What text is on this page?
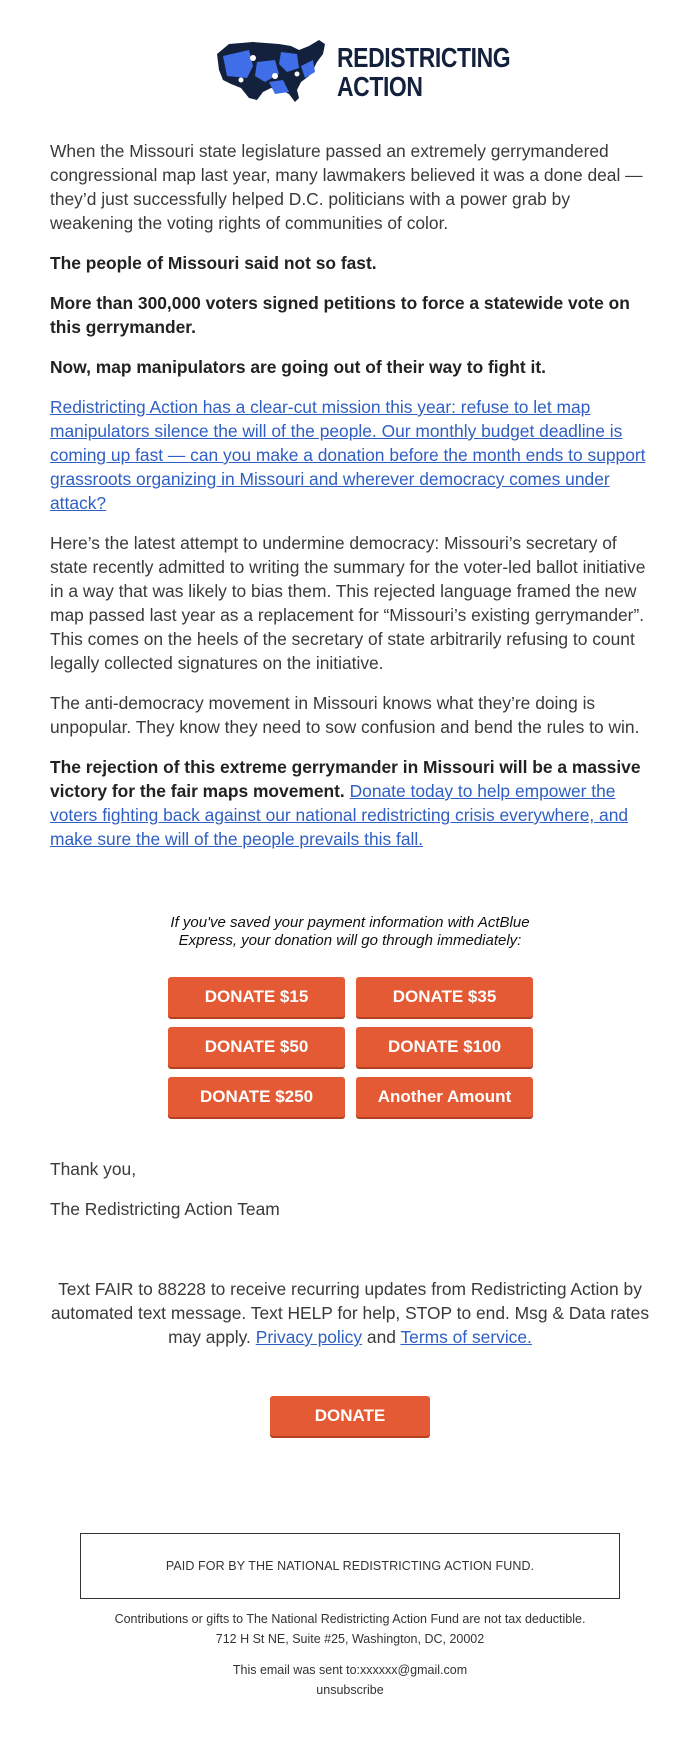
REDISTRICTING
ACTION

When the Missouri state legislature passed an extremely gerrymandered congressional map last year, many lawmakers believed it was a done deal — they’d just successfully helped D.C. politicians with a power grab by weakening the voting rights of communities of color.

The people of Missouri said not so fast.

More than 300,000 voters signed petitions to force a statewide vote on this gerrymander.

Now, map manipulators are going out of their way to fight it.

Redistricting Action has a clear-cut mission this year: refuse to let map manipulators silence the will of the people. Our monthly budget deadline is coming up fast — can you make a donation before the month ends to support grassroots organizing in Missouri and wherever democracy comes under attack?

Here’s the latest attempt to undermine democracy: Missouri’s secretary of state recently admitted to writing the summary for the voter-led ballot initiative in a way that was likely to bias them. This rejected language framed the new map passed last year as a replacement for “Missouri’s existing gerrymander”. This comes on the heels of the secretary of state arbitrarily refusing to count legally collected signatures on the initiative.

The anti-democracy movement in Missouri knows what they’re doing is unpopular. They know they need to sow confusion and bend the rules to win.

The rejection of this extreme gerrymander in Missouri will be a massive victory for the fair maps movement. Donate today to help empower the voters fighting back against our national redistricting crisis everywhere, and make sure the will of the people prevails this fall.

If you've saved your payment information with ActBlue Express, your donation will go through immediately:
DONATE $15	DONATE $35
DONATE $50	DONATE $100
DONATE $250	Another Amount

Thank you,

The Redistricting Action Team

Text FAIR to 88228 to receive recurring updates from Redistricting Action by automated text message. Text HELP for help, STOP to end. Msg & Data rates may apply. Privacy policy and Terms of service.
DONATE
PAID FOR BY THE NATIONAL REDISTRICTING ACTION FUND.
Contributions or gifts to The National Redistricting Action Fund are not tax deductible.
712 H St NE, Suite #25, Washington, DC, 20002
This email was sent to:xxxxxx@gmail.com
unsubscribe
